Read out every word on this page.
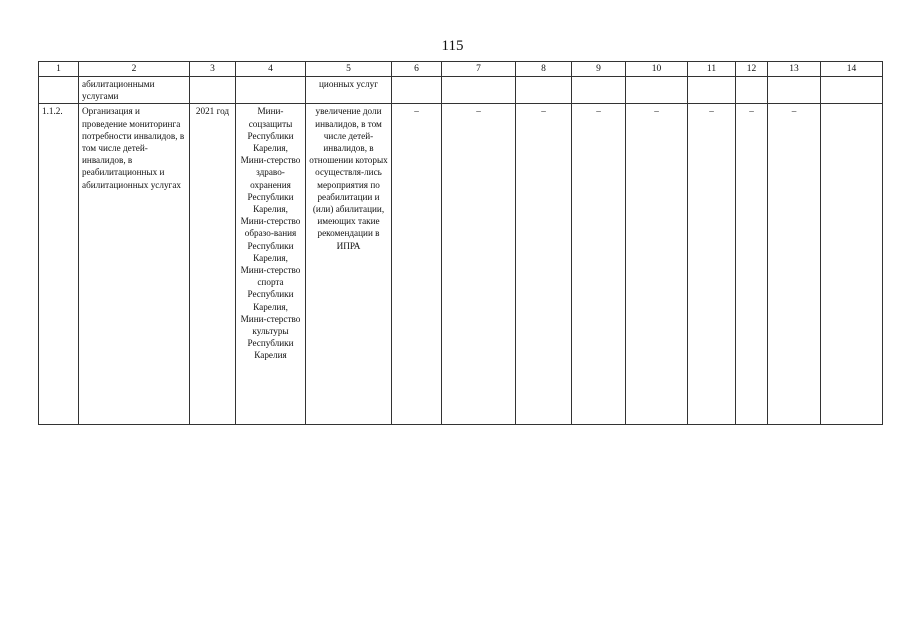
115
1	2	3	4	5	6	7	8	9	10	11	12	13	14
	абилитационными услугами			ционных услуг									
1.1.2.	Организация и проведение мониторинга потребности инвалидов, в том числе детей-инвалидов, в реабилитационных и абилитационных услугах	2021 год	Мини-соцзащиты Республики Карелия, Мини-стерство здраво-охранения Республики Карелия, Мини-стерство образо-вания Республики Карелия, Мини-стерство спорта Республики Карелия, Мини-стерство культуры Республики Карелия	увеличение доли инвалидов, в том числе детей-инвалидов, в отношении которых осуществля-лись мероприятия по реабилитации и (или) абилитации, имеющих такие рекомендации в ИПРА	–	–	–	–	–	–	–	–	
